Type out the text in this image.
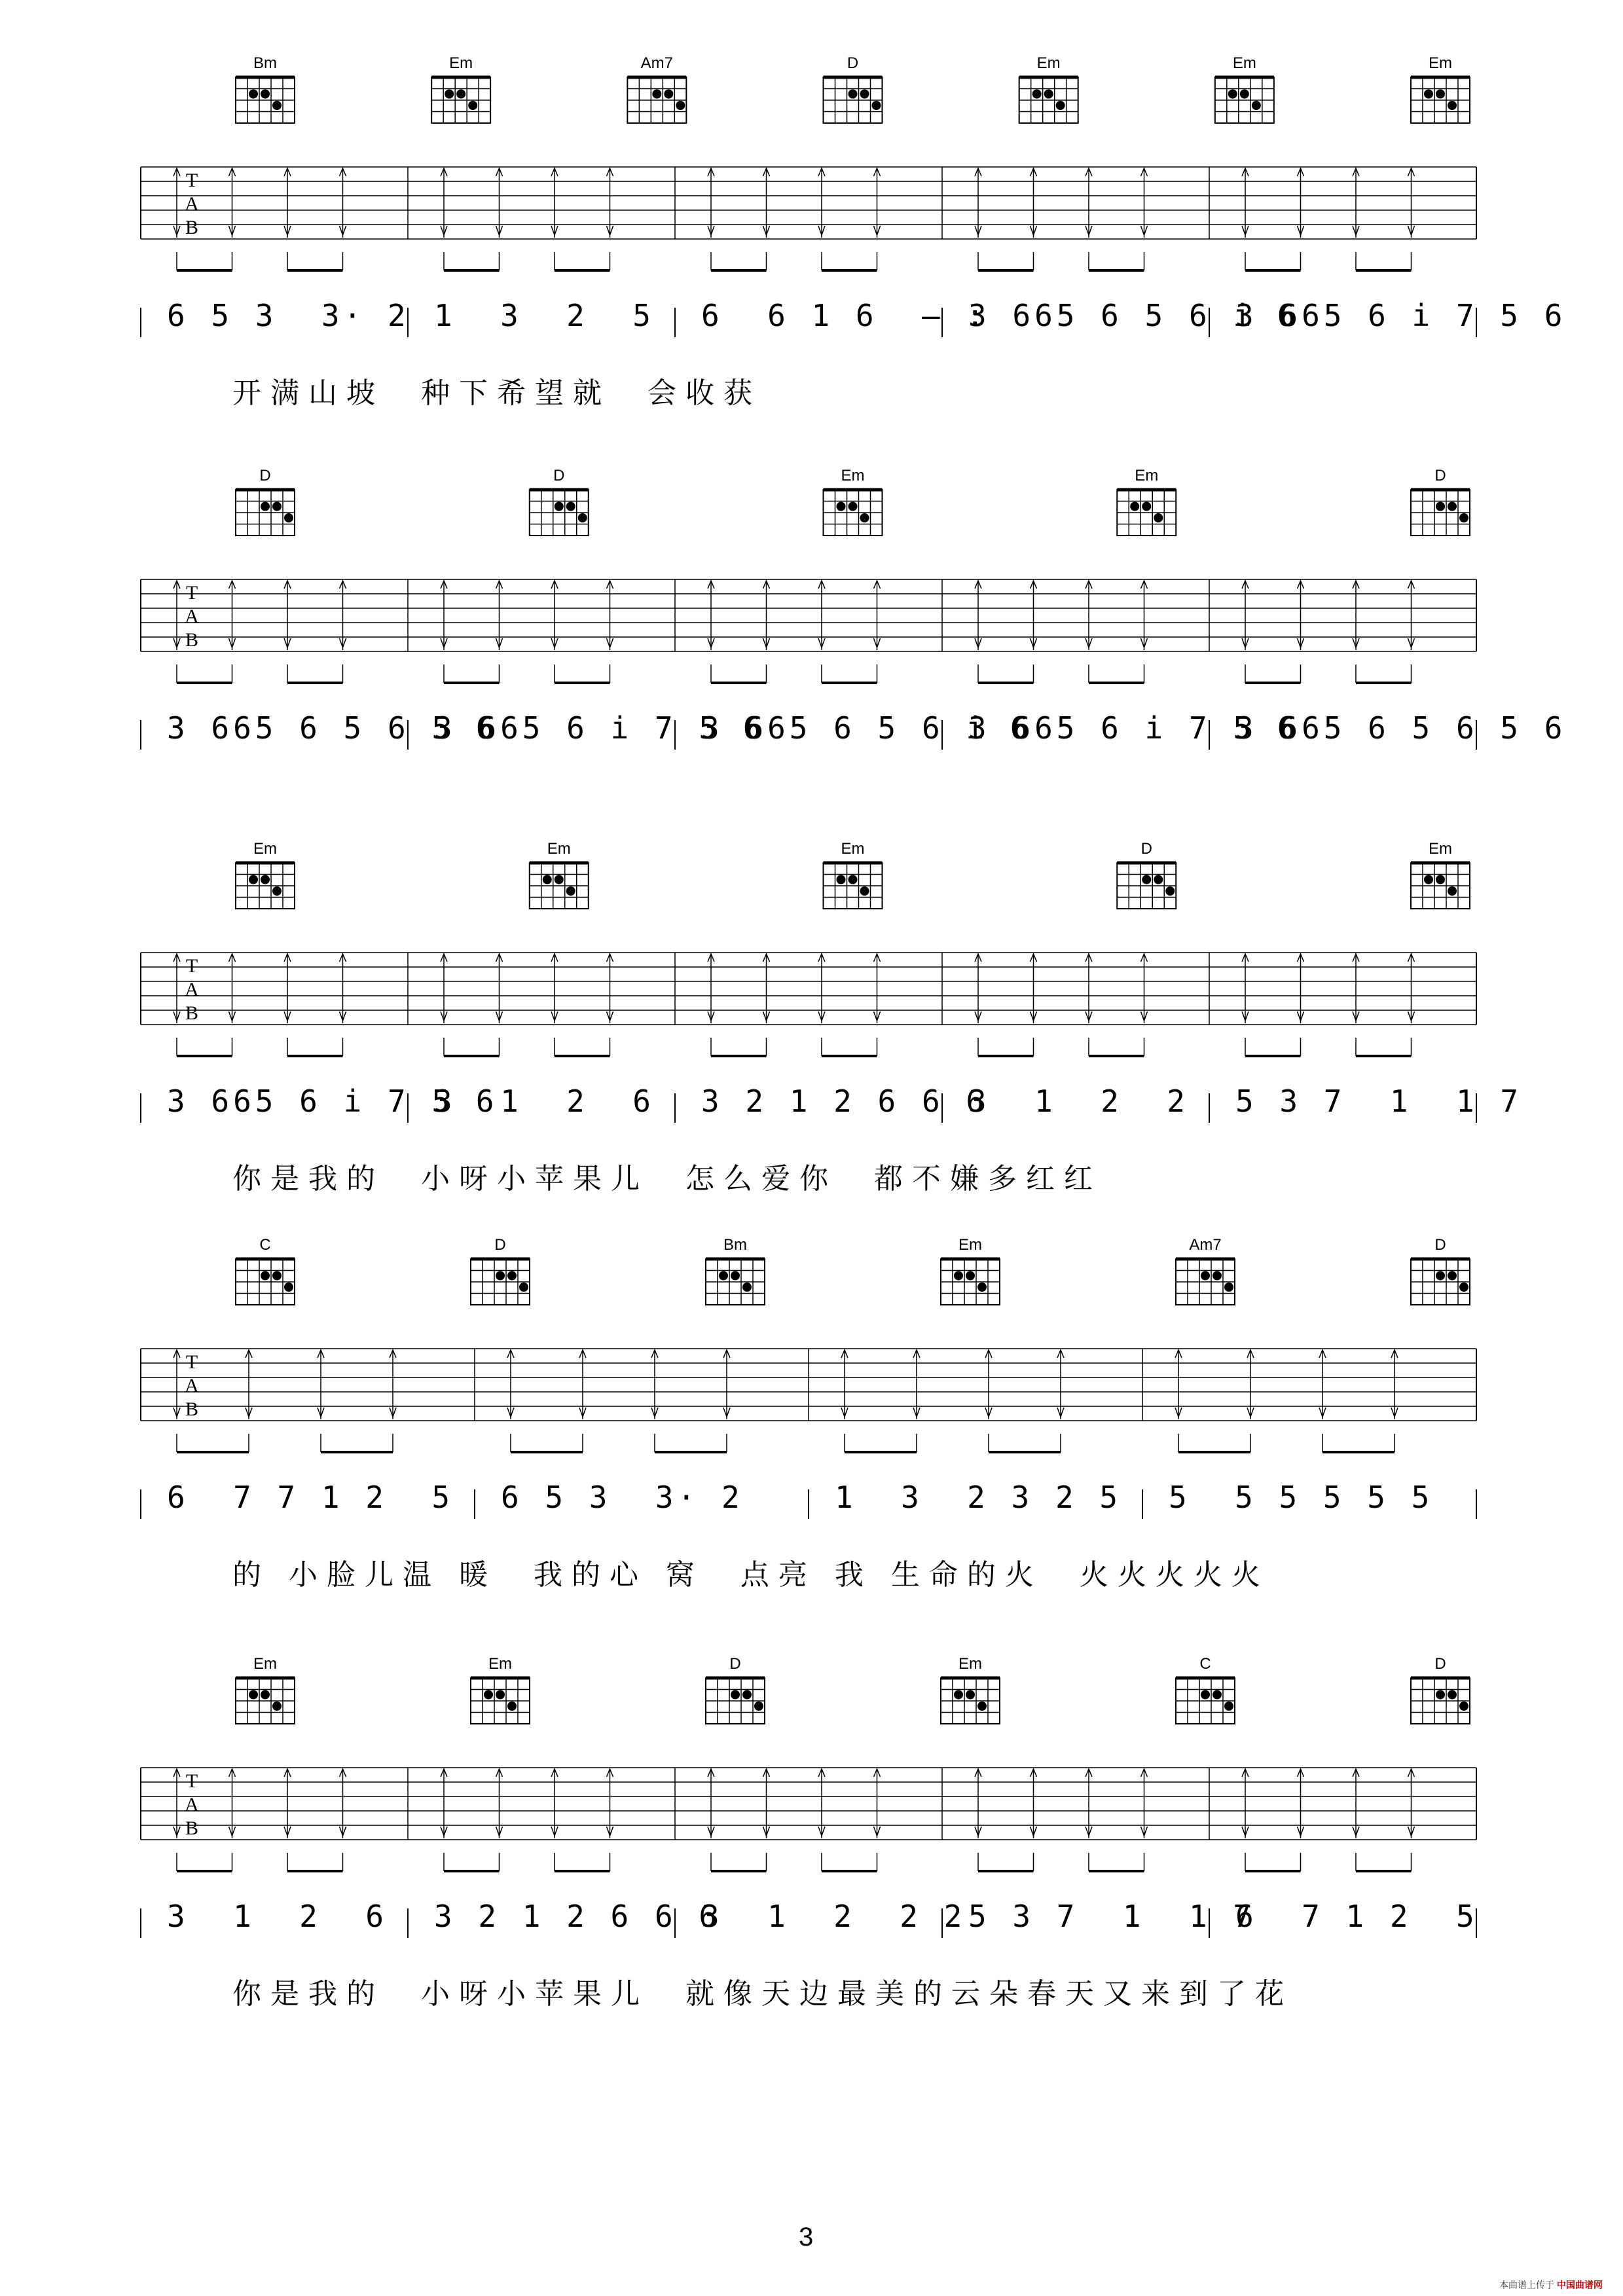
Bm	Em	Am7	D	Em	Em	Em
T
A
B
6 5 3  3· 2 1  3  2  5 6  6 1 6  — :
3 665 6 5 6 i 6
3 665 6 i 7 5 6
开满山坡  种下希望就  会收获
D	D	Em	Em	D
T
A
B
3 665 6 5 6 5 6
3 665 6 i 7 5 6
3 665 6 5 6 i 6
3 665 6 i 7 5 6
3 665 6 5 6 5 6
Em	Em	Em	D	Em
T
A
B
3 665 6 i 7 5 6
3  1  2  6 3 2 1 2 6 6 6
3  1  2  2 5 3 7  1  1 7
你是我的  小呀小苹果儿  怎么爱你  都不嫌多红红
C	D	Bm	Em	Am7	D
T
A
B
6  7 7 1 2  5 6 5 3  3· 2	1  3  2 3 2 5 5  5 5 5 5 5
的 小脸儿温 暖  我的心 窝  点亮 我 生命的火  火火火火火
Em	Em	D	Em	C	D
T
A
B
3  1  2  6 3 2 1 2 6 6 6
3  1  2  2 2 5 3 7  1  1 7
6  7 1 2  5
你是我的  小呀小苹果儿  就像天边最美的云朵春天又来到了花
3
本曲谱上传于 中国曲谱网
